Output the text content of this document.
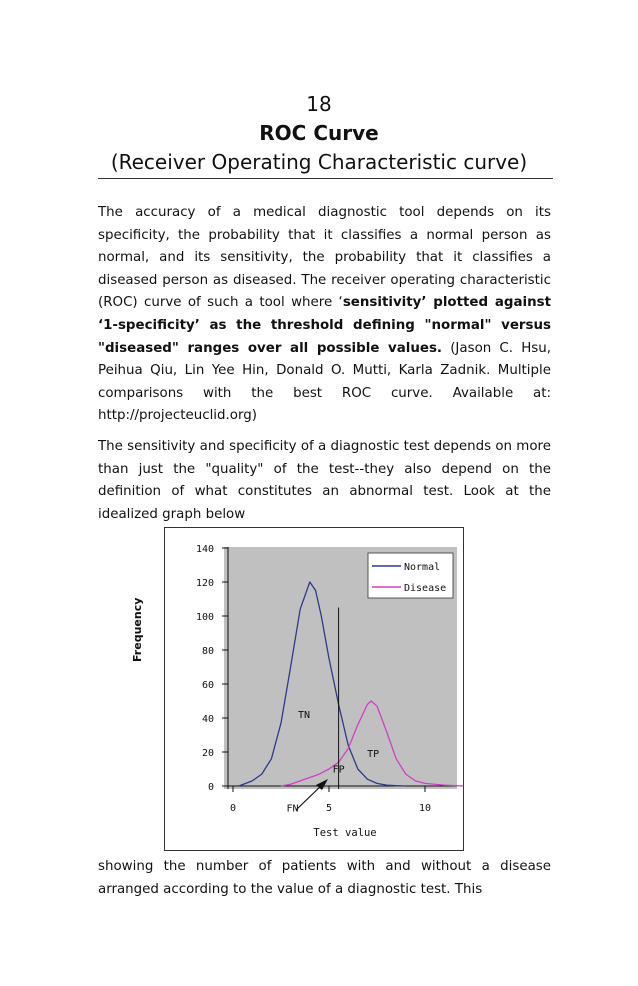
18
ROC Curve
(Receiver Operating Characteristic curve)

The accuracy of a medical diagnostic tool depends on its specificity, the probability that it classifies a normal person as normal, and its sensitivity, the probability that it classifies a diseased person as diseased. The receiver operating characteristic (ROC) curve of such a tool where ‘sensitivity’ plotted against ‘1-specificity’ as the threshold defining "normal" versus "diseased" ranges over all possible values. (Jason C. Hsu, Peihua Qiu, Lin Yee Hin, Donald O. Mutti, Karla Zadnik. Multiple comparisons with the best ROC curve. Available at: http://projecteuclid.org)

The sensitivity and specificity of a diagnostic test depends on more than just the "quality" of the test--they also depend on the definition of what constitutes an abnormal test. Look at the idealized graph below

0
20
40
60
80
100
120
140
0	5	10
TN
TP
FP
FN
Normal
Disease
Frequency
Test value

showing the number of patients with and without a disease arranged according to the value of a diagnostic test. This
